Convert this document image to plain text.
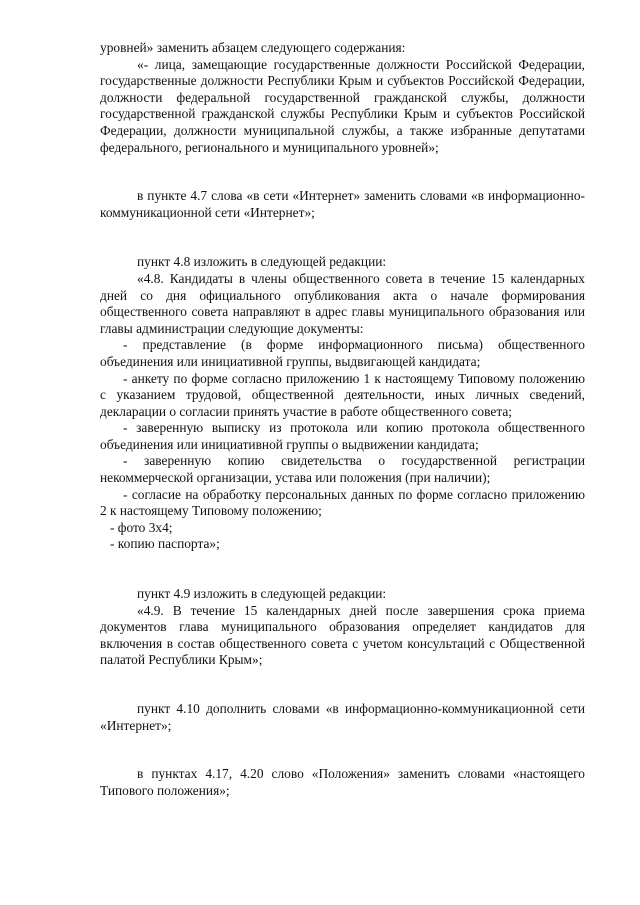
уровней» заменить абзацем следующего содержания:

«- лица, замещающие государственные должности Российской Федерации, государственные должности Республики Крым и субъектов Российской Федерации, должности федеральной государственной гражданской службы, должности государственной гражданской службы Республики Крым и субъектов Российской Федерации, должности муниципальной службы, а также избранные депутатами федерального, регионального и муниципального уровней»;

в пункте 4.7 слова «в сети «Интернет» заменить словами «в информационно-коммуникационной сети «Интернет»;

пункт 4.8 изложить в следующей редакции:

«4.8. Кандидаты в члены общественного совета в течение 15 календарных дней со дня официального опубликования акта о начале формирования общественного совета направляют в адрес главы муниципального образования или главы администрации следующие документы:

- представление (в форме информационного письма) общественного объединения или инициативной группы, выдвигающей кандидата;

- анкету по форме согласно приложению 1 к настоящему Типовому положению с указанием трудовой, общественной деятельности, иных личных сведений, декларации о согласии принять участие в работе общественного совета;

- заверенную выписку из протокола или копию протокола общественного объединения или инициативной группы о выдвижении кандидата;

- заверенную копию свидетельства о государственной регистрации некоммерческой организации, устава или положения (при наличии);

- согласие на обработку персональных данных по форме согласно приложению 2 к настоящему Типовому положению;

- фото 3х4;

- копию паспорта»;

пункт 4.9 изложить в следующей редакции:

«4.9. В течение 15 календарных дней после завершения срока приема документов глава муниципального образования определяет кандидатов для включения в состав общественного совета с учетом консультаций с Общественной палатой Республики Крым»;

пункт 4.10 дополнить словами «в информационно-коммуникационной сети «Интернет»;

в пунктах 4.17, 4.20 слово «Положения» заменить словами «настоящего Типового положения»;
